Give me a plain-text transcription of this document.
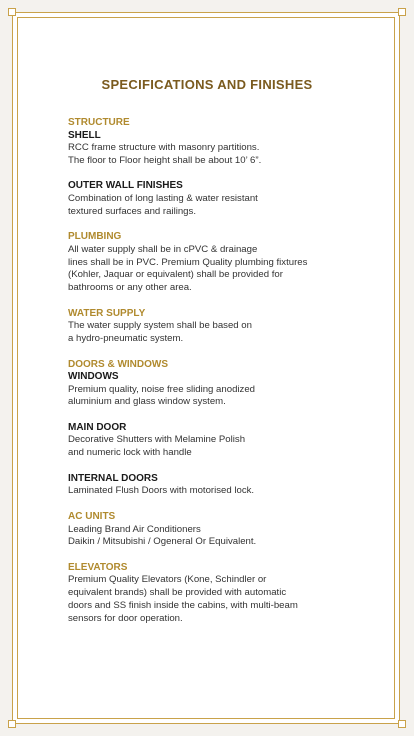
SPECIFICATIONS AND FINISHES
STRUCTURE
SHELL
RCC frame structure with masonry partitions.
The floor to Floor height shall be about 10’ 6”.
OUTER WALL FINISHES
Combination of long lasting & water resistant
textured surfaces and railings.
PLUMBING
All water supply shall be in cPVC & drainage
lines shall be in PVC. Premium Quality plumbing fixtures
(Kohler, Jaquar or equivalent) shall be provided for
bathrooms or any other area.
WATER SUPPLY
The water supply system shall be based on
a hydro-pneumatic system.
DOORS & WINDOWS
WINDOWS
Premium quality, noise free sliding anodized
aluminium and glass window system.
MAIN DOOR
Decorative Shutters with Melamine Polish
and numeric lock with handle
INTERNAL DOORS
Laminated Flush Doors with motorised lock.
AC UNITS
Leading Brand Air Conditioners
Daikin / Mitsubishi / Ogeneral Or Equivalent.
ELEVATORS
Premium Quality Elevators (Kone, Schindler or
equivalent brands) shall be provided with automatic
doors and SS finish inside the cabins, with multi-beam
sensors for door operation.
